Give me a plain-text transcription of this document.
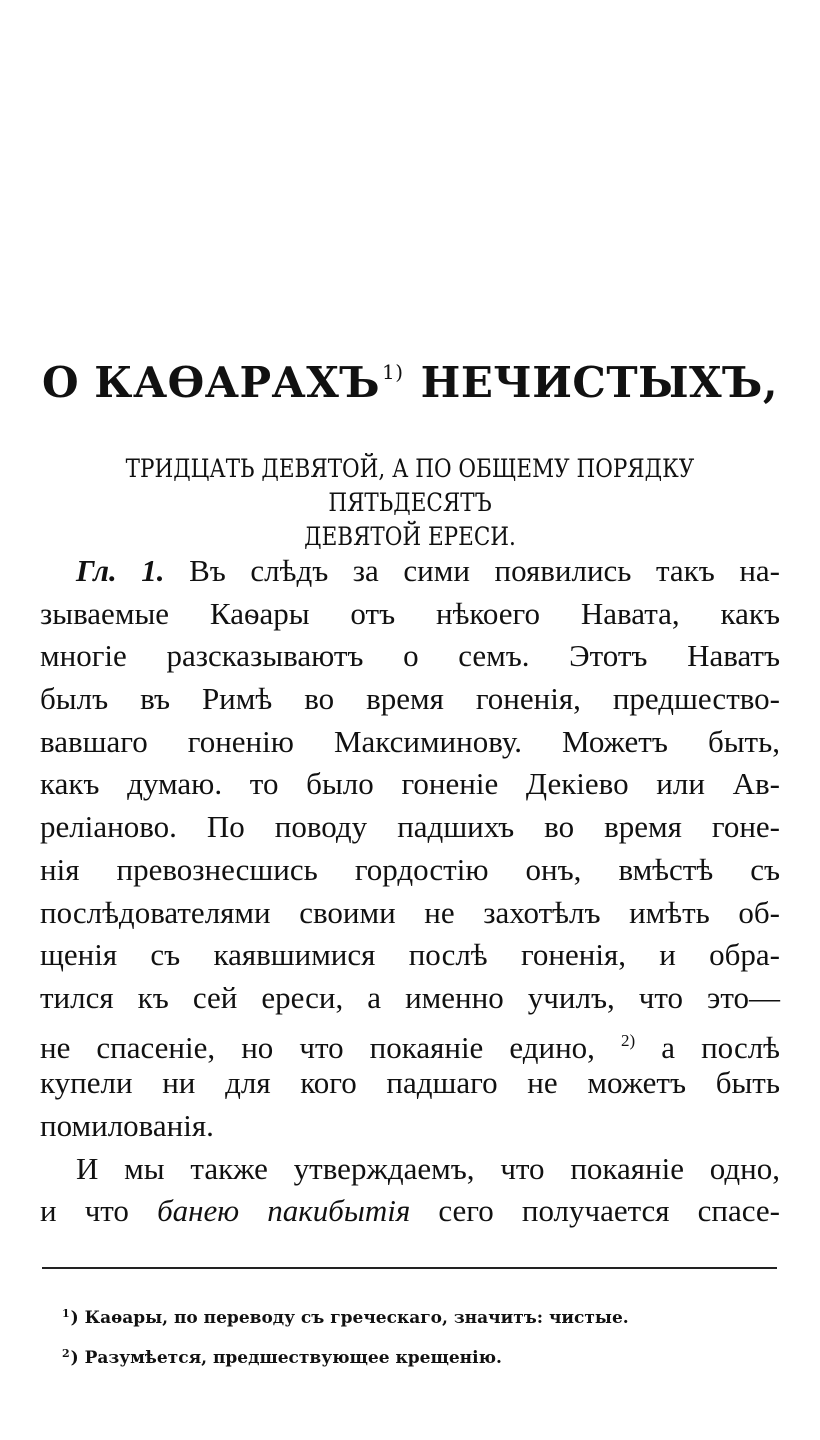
О КАѲАРАХЪ $^{1)}$ НЕЧИСТЫХЪ,
ТРИДЦАТЬ ДЕВЯТОЙ, А ПО ОБЩЕМУ ПОРЯДКУ ПЯТЬДЕСЯТЪ
ДЕВЯТОЙ ЕРЕСИ.
Гл. 1. Въ слѣдъ за сими появились такъ на-
зываемые Каѳары отъ нѣкоего Навата, какъ
многіе разсказываютъ о семъ. Этотъ Наватъ
былъ въ Римѣ во время гоненія, предшество-
вавшаго гоненію Максиминову. Можетъ быть,
какъ думаю. то было гоненіе Декіево или Ав-
реліаново. По поводу падшихъ во время гоне-
нія превознесшись гордостію онъ, вмѣстѣ съ
послѣдователями своими не захотѣлъ имѣть об-
щенія съ каявшимися послѣ гоненія, и обра-
тился къ сей ереси, а именно училъ, что это—
не спасеніе, но что покаяніе едино, $^{2)}$ а послѣ
купели ни для кого падшаго не можетъ быть
помилованія.
И мы также утверждаемъ, что покаяніе одно,
и что банею пакибытія сего получается спасе-
$^1$) Каѳары, по переводу съ греческаго, значитъ: чистые.
$^2$) Разумѣется, предшествующее крещенію.
